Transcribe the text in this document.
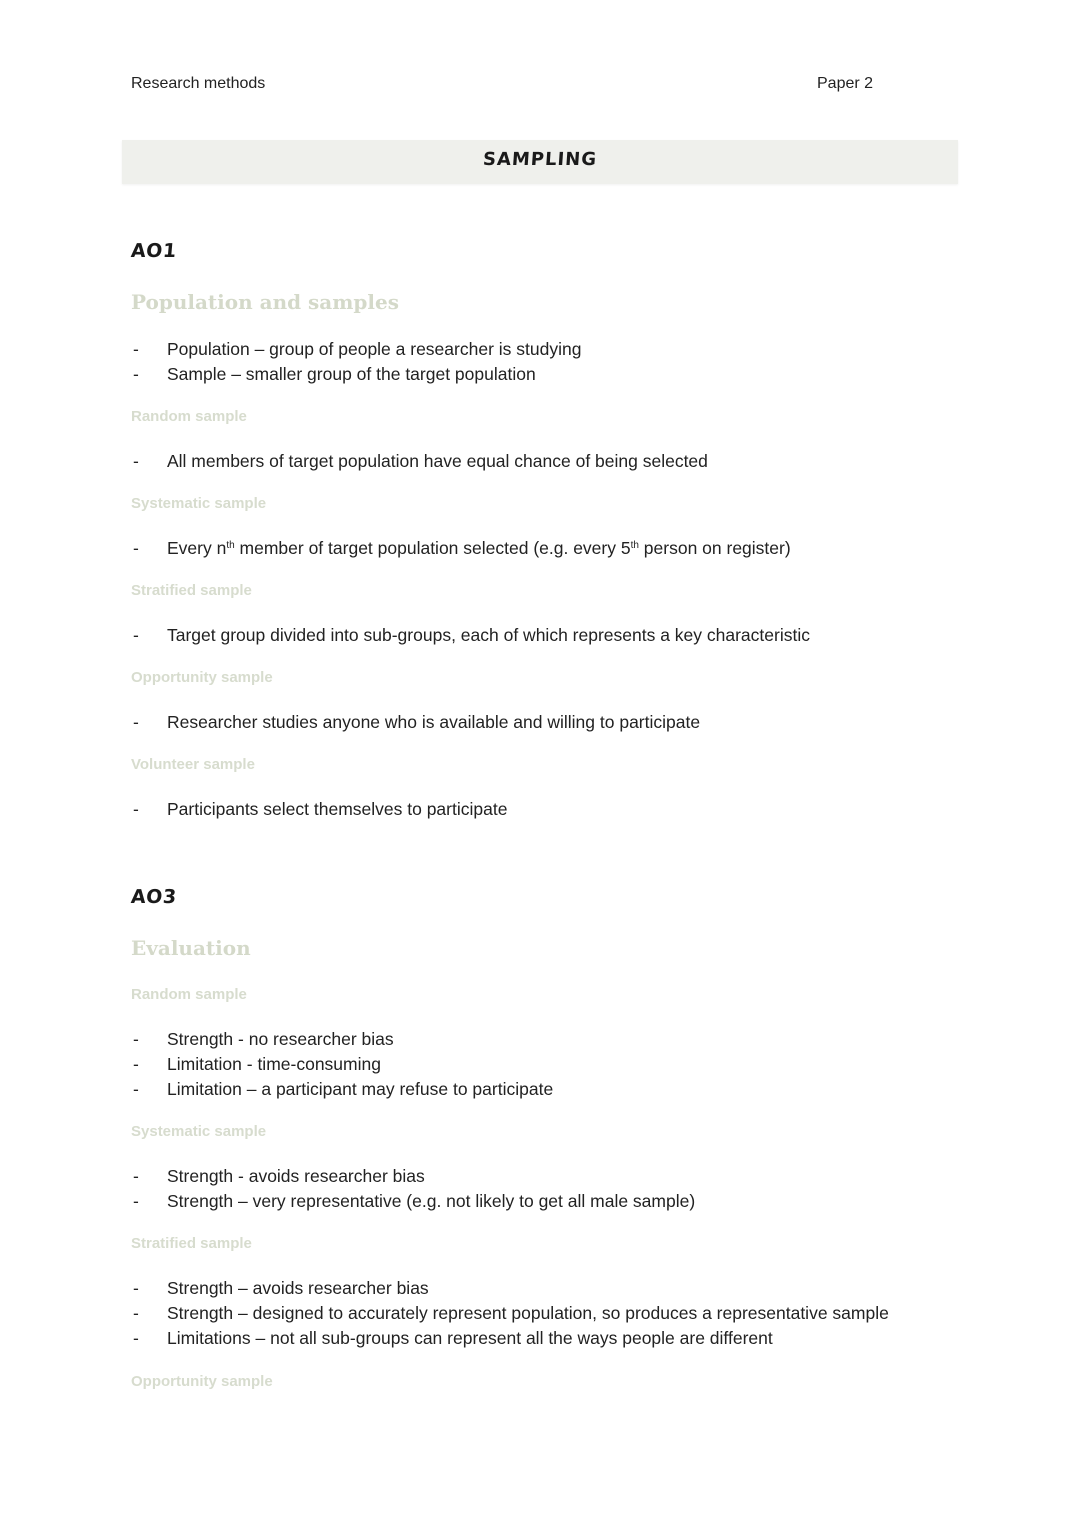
Research methods	Paper 2
SAMPLING
AO1
Population and samples
- Population – group of people a researcher is studying
- Sample – smaller group of the target population
Random sample
- All members of target population have equal chance of being selected
Systematic sample
- Every $n^{th}$ member of target population selected (e.g. every 5th person on register)
Stratified sample
- Target group divided into sub-groups, each of which represents a key characteristic
Opportunity sample
- Researcher studies anyone who is available and willing to participate
Volunteer sample
- Participants select themselves to participate
AO3
Evaluation
Random sample
- Strength - no researcher bias
- Limitation - time-consuming
- Limitation – a participant may refuse to participate
Systematic sample
- Strength - avoids researcher bias
- Strength – very representative (e.g. not likely to get all male sample)
Stratified sample
- Strength – avoids researcher bias
- Strength – designed to accurately represent population, so produces a representative sample
- Limitations – not all sub-groups can represent all the ways people are different
Opportunity sample
